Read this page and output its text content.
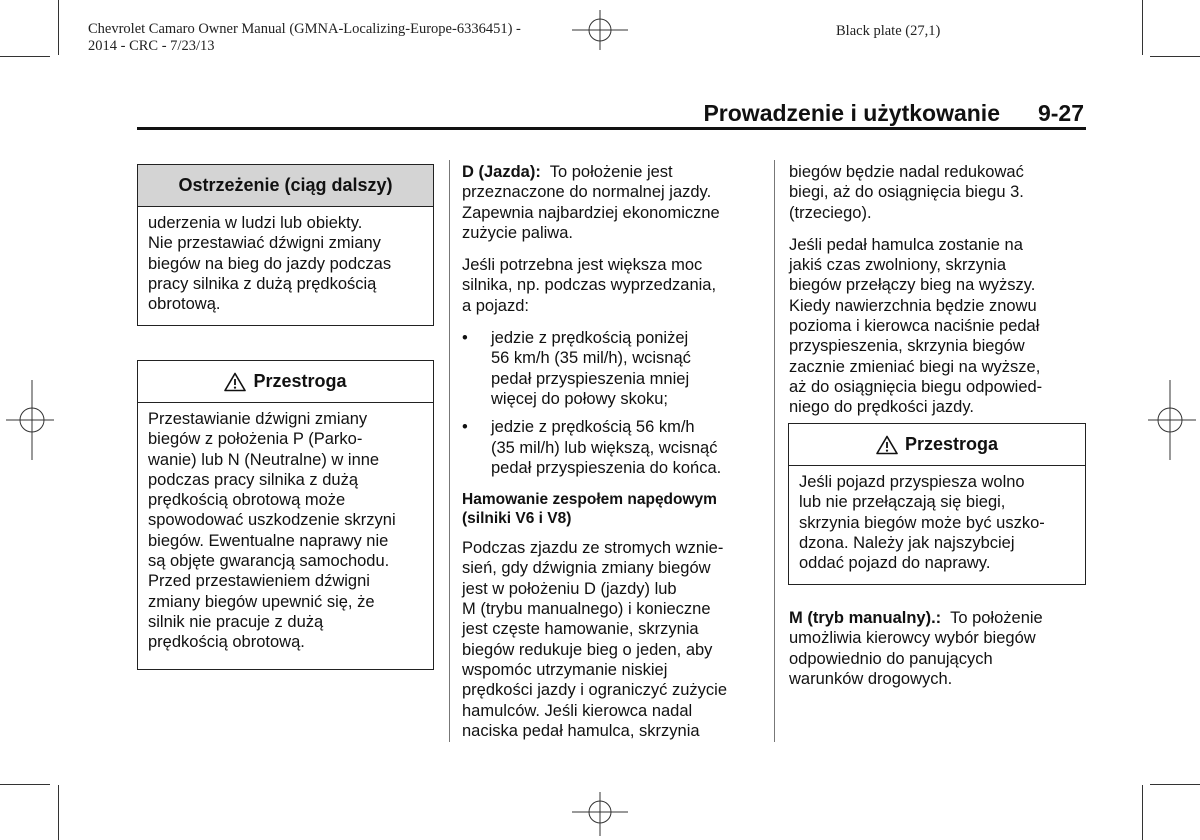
Chevrolet Camaro Owner Manual (GMNA-Localizing-Europe-6336451) -
2014 - CRC - 7/23/13
Black plate (27,1)
Prowadzenie i użytkowanie 9-27
Ostrzeżenie (ciąg dalszy)
uderzenia w ludzi lub obiekty.
Nie przestawiać dźwigni zmiany
biegów na bieg do jazdy podczas
pracy silnika z dużą prędkością
obrotową.
Przestroga
Przestawianie dźwigni zmiany
biegów z położenia P (Parko-
wanie) lub N (Neutralne) w inne
podczas pracy silnika z dużą
prędkością obrotową może
spowodować uszkodzenie skrzyni
biegów. Ewentualne naprawy nie
są objęte gwarancją samochodu.
Przed przestawieniem dźwigni
zmiany biegów upewnić się, że
silnik nie pracuje z dużą
prędkością obrotową.
D (Jazda): To położenie jest
przeznaczone do normalnej jazdy.
Zapewnia najbardziej ekonomiczne
zużycie paliwa.
Jeśli potrzebna jest większa moc
silnika, np. podczas wyprzedzania,
a pojazd:
• jedzie z prędkością poniżej
56 km/h (35 mil/h), wcisnąć
pedał przyspieszenia mniej
więcej do połowy skoku;
• jedzie z prędkością 56 km/h
(35 mil/h) lub większą, wcisnąć
pedał przyspieszenia do końca.
Hamowanie zespołem napędowym
(silniki V6 i V8)
Podczas zjazdu ze stromych wznie-
sień, gdy dźwignia zmiany biegów
jest w położeniu D (jazdy) lub
M (trybu manualnego) i konieczne
jest częste hamowanie, skrzynia
biegów redukuje bieg o jeden, aby
wspomóc utrzymanie niskiej
prędkości jazdy i ograniczyć zużycie
hamulców. Jeśli kierowca nadal
naciska pedał hamulca, skrzynia
biegów będzie nadal redukować
biegi, aż do osiągnięcia biegu 3.
(trzeciego).
Jeśli pedał hamulca zostanie na
jakiś czas zwolniony, skrzynia
biegów przełączy bieg na wyższy.
Kiedy nawierzchnia będzie znowu
pozioma i kierowca naciśnie pedał
przyspieszenia, skrzynia biegów
zacznie zmieniać biegi na wyższe,
aż do osiągnięcia biegu odpowied-
niego do prędkości jazdy.
Przestroga
Jeśli pojazd przyspiesza wolno
lub nie przełączają się biegi,
skrzynia biegów może być uszko-
dzona. Należy jak najszybciej
oddać pojazd do naprawy.
M (tryb manualny).: To położenie
umożliwia kierowcy wybór biegów
odpowiednio do panujących
warunków drogowych.
